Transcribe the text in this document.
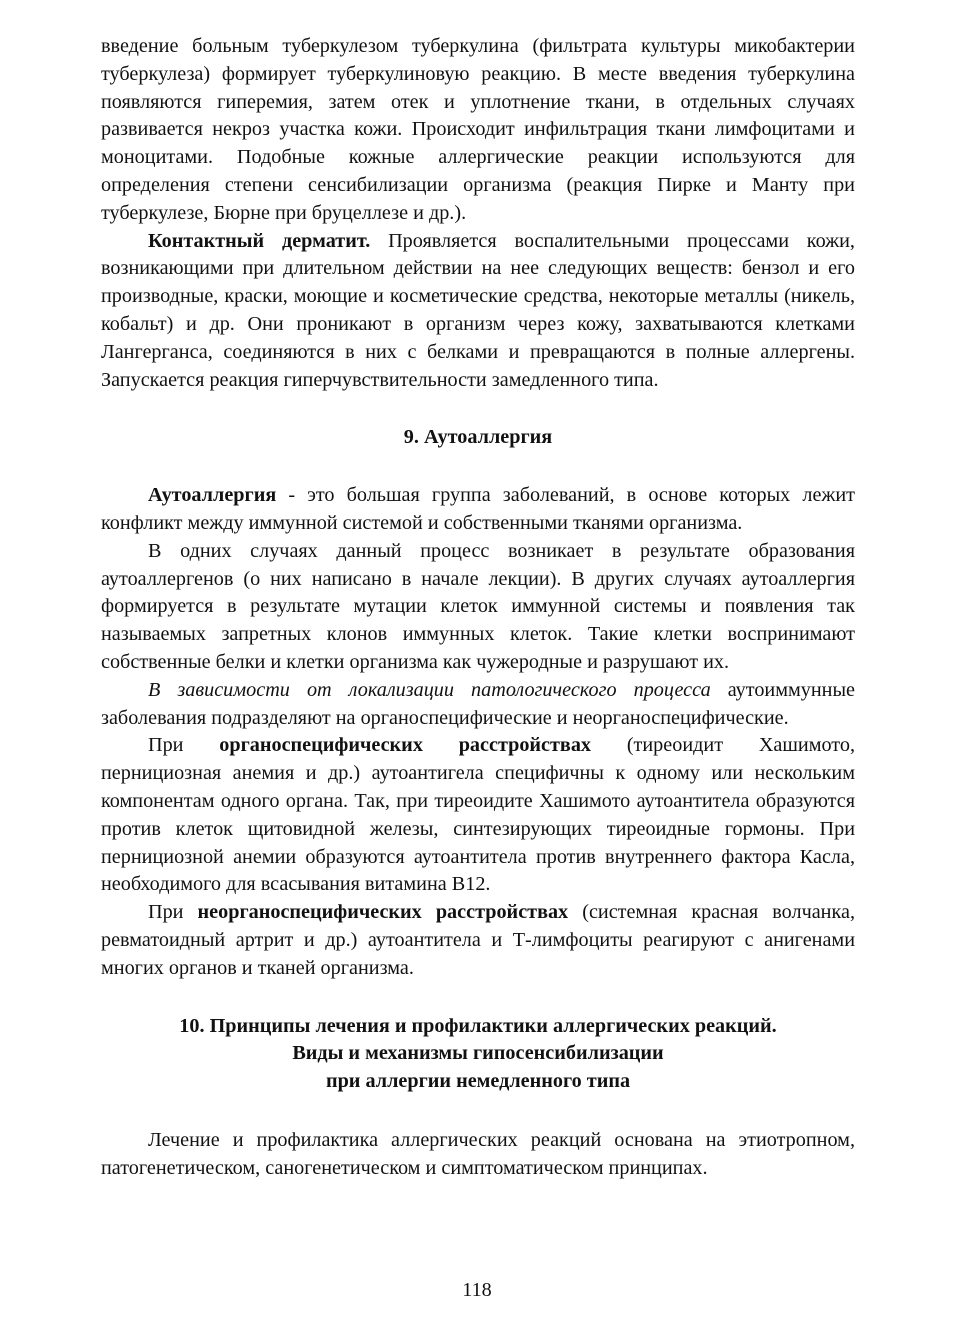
введение больным туберкулезом туберкулина (фильтрата культуры микобактерии туберкулеза) формирует туберкулиновую реакцию. В месте введения туберкулина появляются гиперемия, затем отек и уплотнение ткани, в отдельных случаях развивается некроз участка кожи. Происходит инфильтрация ткани лимфоцитами и моноцитами. Подобные кожные аллергические реакции используются для определения степени сенсибилизации организма (реакция Пирке и Манту при туберкулезе, Бюрне при бруцеллезе и др.).

Контактный дерматит. Проявляется воспалительными процессами кожи, возникающими при длительном действии на нее следующих веществ: бензол и его производные, краски, моющие и косметические средства, некоторые металлы (никель, кобальт) и др. Они проникают в организм через кожу, захватываются клетками Лангерганса, соединяются в них с белками и превращаются в полные аллергены. Запускается реакция гиперчувствительности замедленного типа.

9. Аутоаллергия

Аутоаллергия - это большая группа заболеваний, в основе которых лежит конфликт между иммунной системой и собственными тканями организма.

В одних случаях данный процесс возникает в результате образования аутоаллергенов (о них написано в начале лекции). В других случаях аутоаллергия формируется в результате мутации клеток иммунной системы и появления так называемых запретных клонов иммунных клеток. Такие клетки воспринимают собственные белки и клетки организма как чужеродные и разрушают их.

В зависимости от локализации патологического процесса аутоиммунные заболевания подразделяют на органоспецифические и неорганоспецифические.

При органоспецифических расстройствах (тиреоидит Хашимото, пернициозная анемия и др.) аутоантигела специфичны к одному или нескольким компонентам одного органа. Так, при тиреоидите Хашимото аутоантитела образуются против клеток щитовидной железы, синтезирующих тиреоидные гормоны. При пернициозной анемии образуются аутоантитела против внутреннего фактора Касла, необходимого для всасывания витамина В12.

При неорганоспецифических расстройствах (системная красная волчанка, ревматоидный артрит и др.) аутоантитела и Т-лимфоциты реагируют с анигенами многих органов и тканей организма.

10. Принципы лечения и профилактики аллергических реакций.
Виды и механизмы гипосенсибилизации
при аллергии немедленного типа

Лечение и профилактика аллергических реакций основана на этиотропном, патогенетическом, саногенетическом и симптоматическом принципах.

118
